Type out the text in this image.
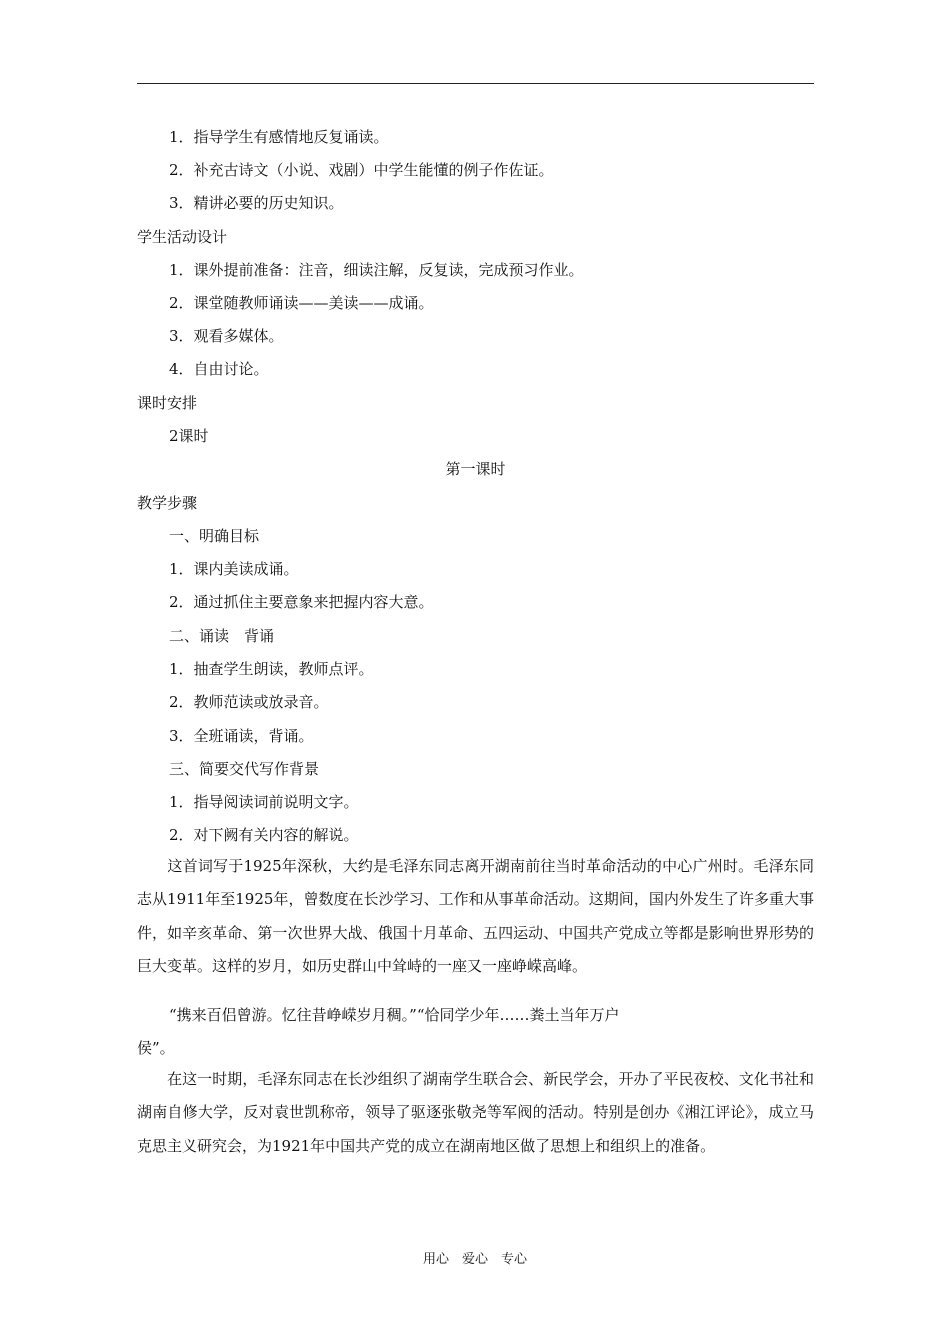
1．指导学生有感情地反复诵读。
2．补充古诗文（小说、戏剧）中学生能懂的例子作佐证。
3．精讲必要的历史知识。
学生活动设计
1．课外提前准备：注音，细读注解，反复读，完成预习作业。
2．课堂随教师诵读——美读——成诵。
3．观看多媒体。
4．自由讨论。
课时安排
2课时
第一课时
教学步骤
一、明确目标
1．课内美读成诵。
2．通过抓住主要意象来把握内容大意。
二、诵读　背诵
1．抽查学生朗读，教师点评。
2．教师范读或放录音。
3．全班诵读，背诵。
三、简要交代写作背景
1．指导阅读词前说明文字。
2．对下阙有关内容的解说。

　　这首词写于1925年深秋，大约是毛泽东同志离开湖南前往当时革命活动的中心广州时。毛泽东同志从1911年至1925年，曾数度在长沙学习、工作和从事革命活动。这期间，国内外发生了许多重大事件，如辛亥革命、第一次世界大战、俄国十月革命、五四运动、中国共产党成立等都是影响世界形势的巨大变革。这样的岁月，如历史群山中耸峙的一座又一座峥嵘高峰。

“携来百侣曾游。忆往昔峥嵘岁月稠。”“恰同学少年……粪土当年万户
侯”。

　　在这一时期，毛泽东同志在长沙组织了湖南学生联合会、新民学会，开办了平民夜校、文化书社和湖南自修大学，反对袁世凯称帝，领导了驱逐张敬尧等军阀的活动。特别是创办《湘江评论》，成立马克思主义研究会，为1921年中国共产党的成立在湖南地区做了思想上和组织上的准备。

用心　爱心　专心
